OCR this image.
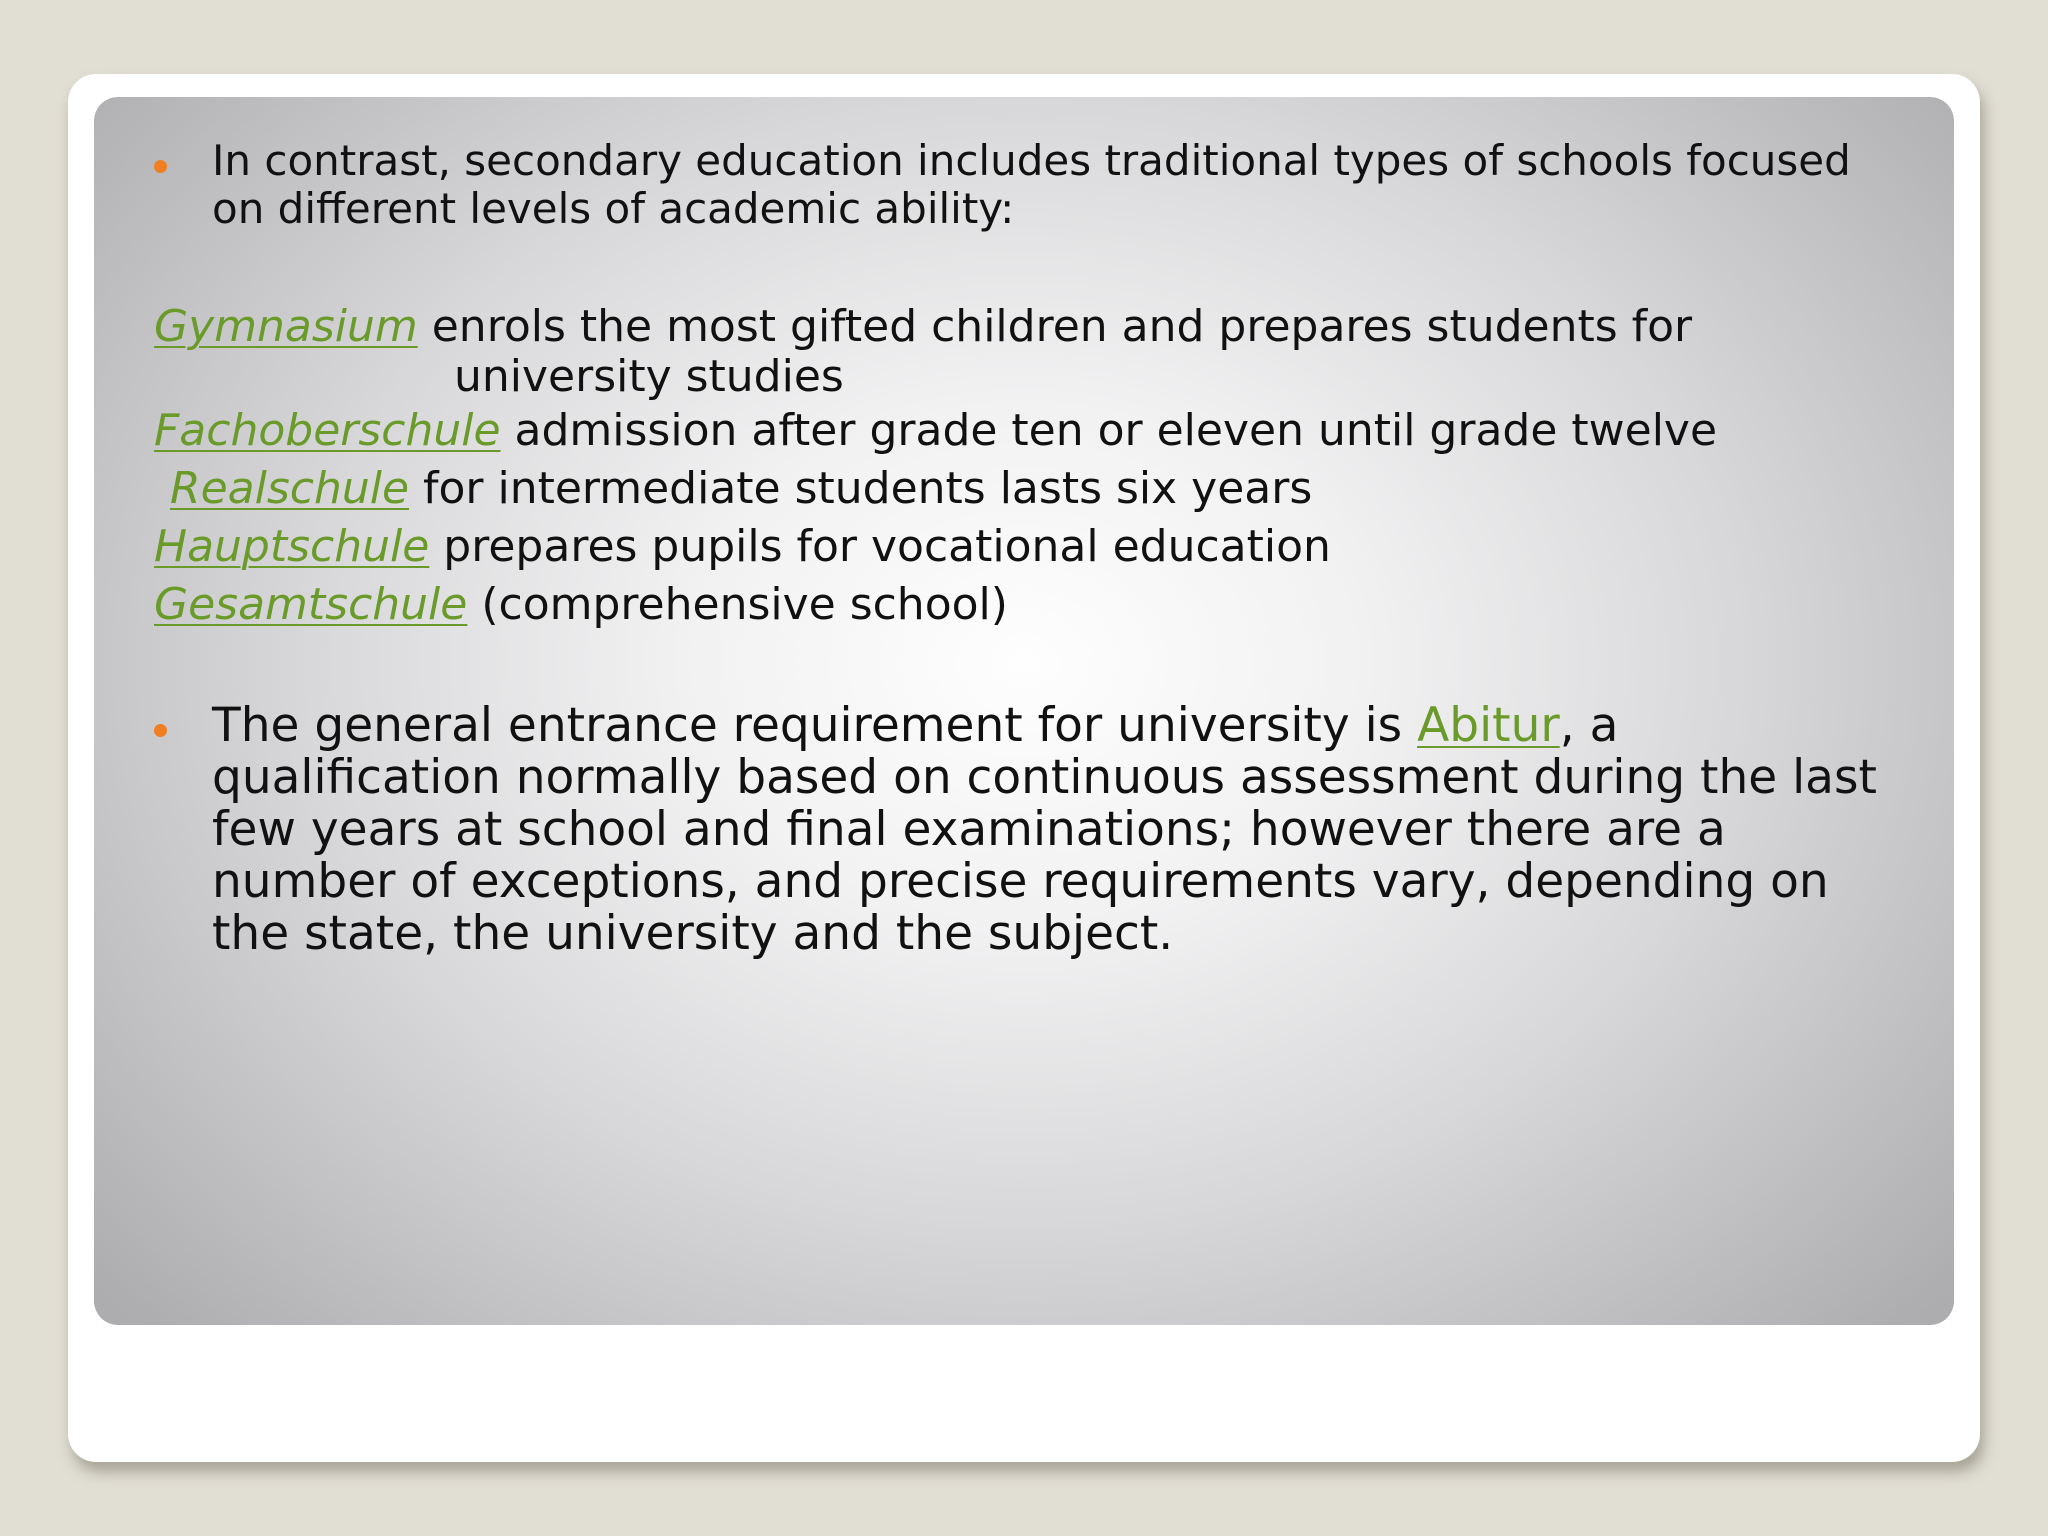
In contrast, secondary education includes traditional types of schools focused on different levels of academic ability:
Gymnasium enrols the most gifted children and prepares students for
university studies
Fachoberschule admission after grade ten or eleven until grade twelve
Realschule for intermediate students lasts six years
Hauptschule prepares pupils for vocational education
Gesamtschule (comprehensive school)
The general entrance requirement for university is Abitur, a qualification normally based on continuous assessment during the last few years at school and final examinations; however there are a number of exceptions, and precise requirements vary, depending on the state, the university and the subject.
